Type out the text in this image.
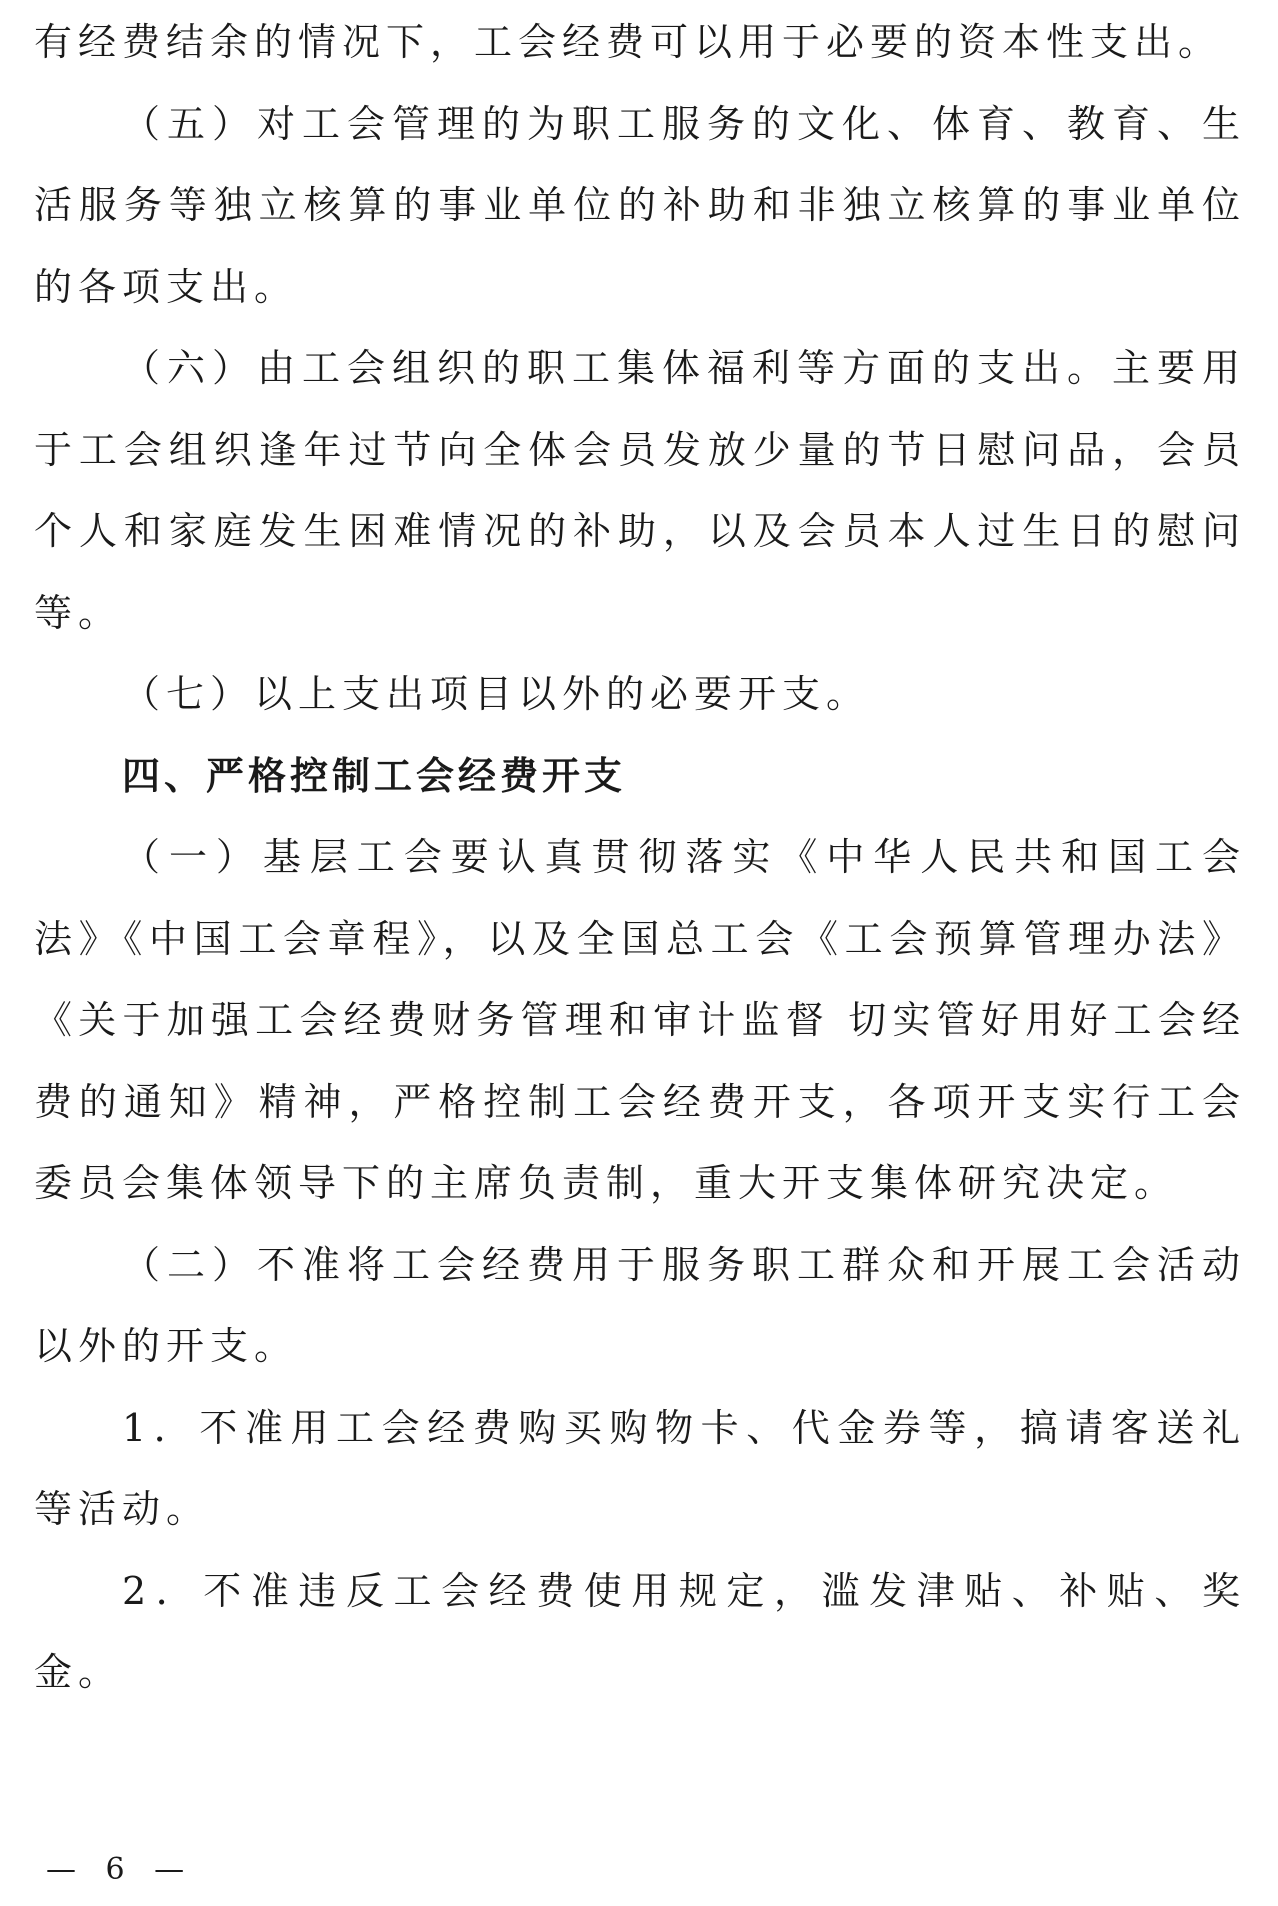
有经费结余的情况下，工会经费可以用于必要的资本性支出。

（五）对工会管理的为职工服务的文化、体育、教育、生活服务等独立核算的事业单位的补助和非独立核算的事业单位的各项支出。

（六）由工会组织的职工集体福利等方面的支出。主要用于工会组织逢年过节向全体会员发放少量的节日慰问品，会员个人和家庭发生困难情况的补助，以及会员本人过生日的慰问等。

（七）以上支出项目以外的必要开支。

四、严格控制工会经费开支

（一）基层工会要认真贯彻落实《中华人民共和国工会法》《中国工会章程》，以及全国总工会《工会预算管理办法》《关于加强工会经费财务管理和审计监督 切实管好用好工会经费的通知》精神，严格控制工会经费开支，各项开支实行工会委员会集体领导下的主席负责制，重大开支集体研究决定。

（二）不准将工会经费用于服务职工群众和开展工会活动以外的开支。

1．不准用工会经费购买购物卡、代金券等，搞请客送礼等活动。

2．不准违反工会经费使用规定，滥发津贴、补贴、奖金。

— 6 —
